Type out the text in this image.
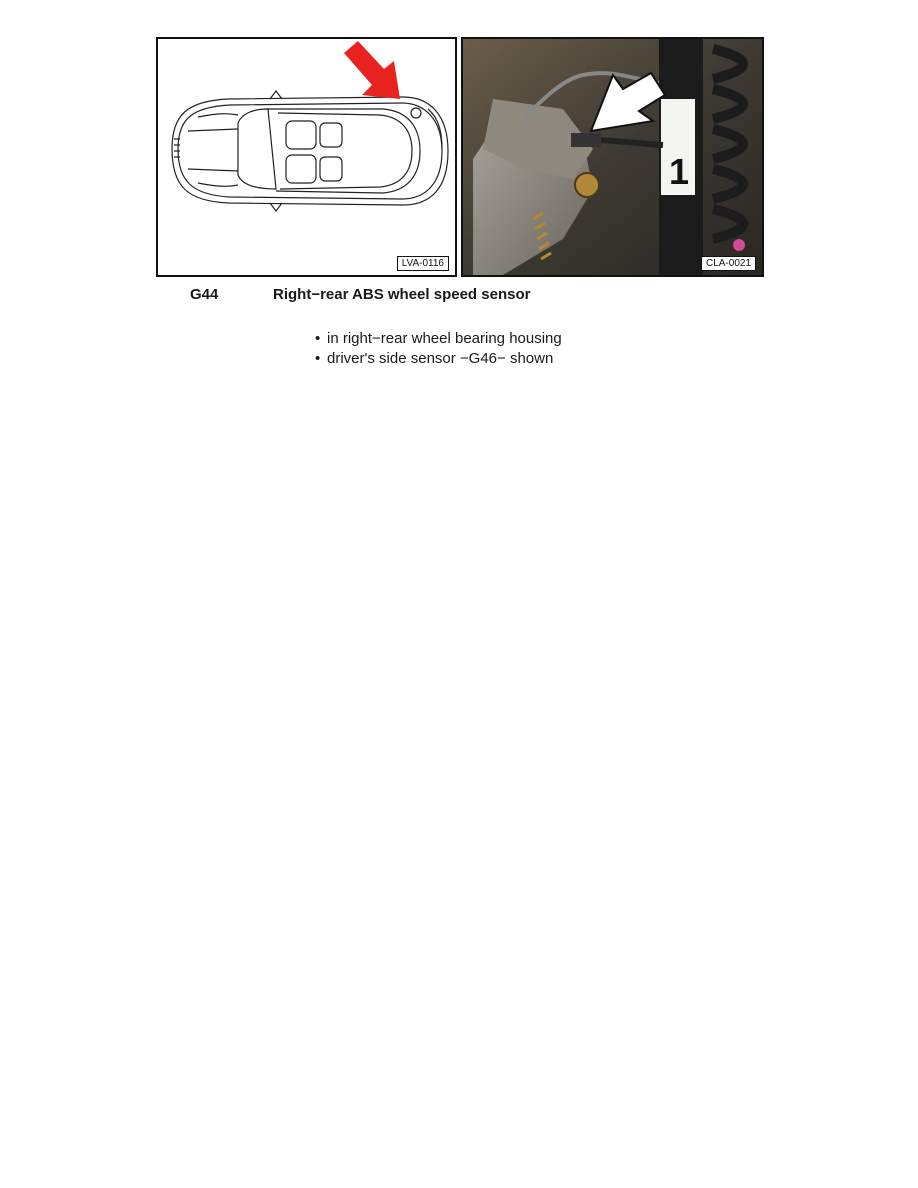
LVA-0116
1
CLA-0021
G44	Right−rear ABS wheel speed sensor
• in right−rear wheel bearing housing
• driver's side sensor −G46− shown
